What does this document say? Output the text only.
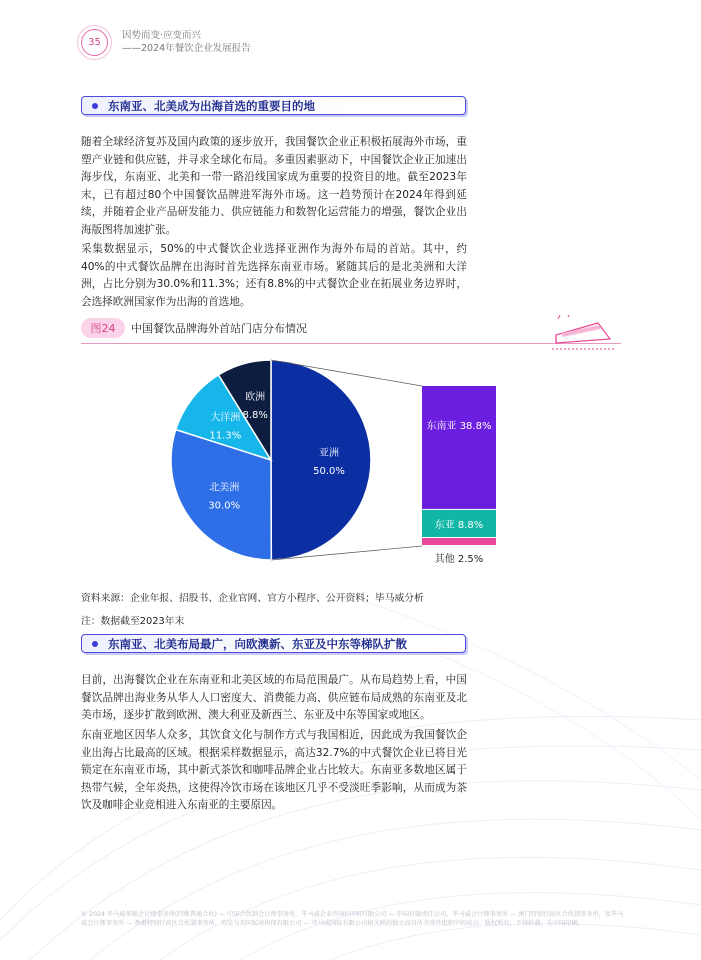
35
因势而变·应变而兴
——2024年餐饮企业发展报告
东南亚、北美成为出海首选的重要目的地

随着全球经济复苏及国内政策的逐步放开，我国餐饮企业正积极拓展海外市场，重塑产业链和供应链，并寻求全球化布局。多重因素驱动下，中国餐饮企业正加速出海步伐，东南亚、北美和一带一路沿线国家成为重要的投资目的地。截至2023年末，已有超过80个中国餐饮品牌进军海外市场。这一趋势预计在2024年得到延续，并随着企业产品研发能力、供应链能力和数智化运营能力的增强，餐饮企业出海版图将加速扩张。

采集数据显示，50%的中式餐饮企业选择亚洲作为海外布局的首站。其中，约40%的中式餐饮品牌在出海时首先选择东南亚市场。紧随其后的是北美洲和大洋洲，占比分别为30.0%和11.3%；还有8.8%的中式餐饮企业在拓展业务边界时，会选择欧洲国家作为出海的首选地。

图24	中国餐饮品牌海外首站门店分布情况
亚洲
50.0%
北美洲
30.0%
大洋洲
11.3%
欧洲
8.8%
东南亚 38.8%
东亚 8.8%
其他 2.5%
资料来源：企业年报、招股书、企业官网、官方小程序、公开资料；毕马威分析
注：数据截至2023年末
东南亚、北美布局最广，向欧澳新、东亚及中东等梯队扩散

目前，出海餐饮企业在东南亚和北美区域的布局范围最广。从布局趋势上看，中国餐饮品牌出海业务从华人人口密度大、消费能力高、供应链布局成熟的东南亚及北美市场，逐步扩散到欧洲、澳大利亚及新西兰、东亚及中东等国家或地区。

东南亚地区因华人众多，其饮食文化与制作方式与我国相近，因此成为我国餐饮企业出海占比最高的区域。根据采样数据显示，高达32.7%的中式餐饮企业已将目光锁定在东南亚市场，其中新式茶饮和咖啡品牌企业占比较大。东南亚多数地区属于热带气候，全年炎热，这使得冷饮市场在该地区几乎不受淡旺季影响，从而成为茶饮及咖啡企业竞相进入东南亚的主要原因。

© 2024 毕马威华振会计师事务所(特殊普通合伙) — 中国合伙制会计师事务所，毕马威企业咨询(中国)有限公司 — 中国有限责任公司，毕马威会计师事务所 — 澳门特别行政区合伙制事务所，及毕马威会计师事务所 — 香港特别行政区合伙制事务所，均是与英国私营担保有限公司 — 毕马威国际有限公司相关联的独立成员所全球性组织中的成员。版权所有，不得转载。在中国印刷。
